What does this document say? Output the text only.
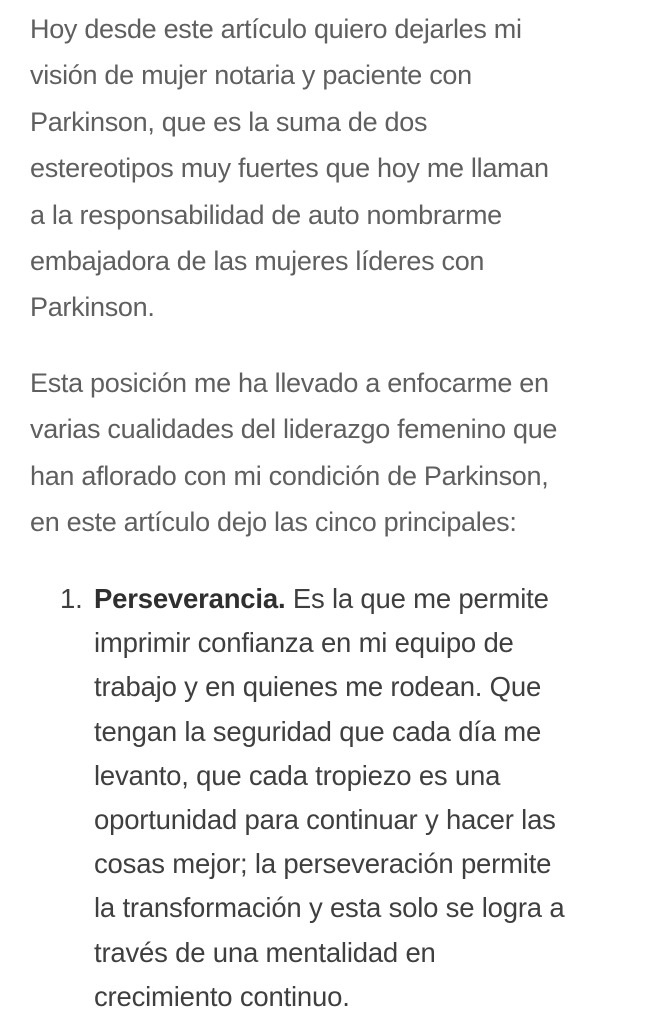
Hoy desde este artículo quiero dejarles mi
visión de mujer notaria y paciente con
Parkinson, que es la suma de dos
estereotipos muy fuertes que hoy me llaman
a la responsabilidad de auto nombrarme
embajadora de las mujeres líderes con
Parkinson.

Esta posición me ha llevado a enfocarme en
varias cualidades del liderazgo femenino que
han aflorado con mi condición de Parkinson,
en este artículo dejo las cinco principales:

1. Perseverancia. Es la que me permite
imprimir confianza en mi equipo de
trabajo y en quienes me rodean. Que
tengan la seguridad que cada día me
levanto, que cada tropiezo es una
oportunidad para continuar y hacer las
cosas mejor; la perseveración permite
la transformación y esta solo se logra a
través de una mentalidad en
crecimiento continuo.
